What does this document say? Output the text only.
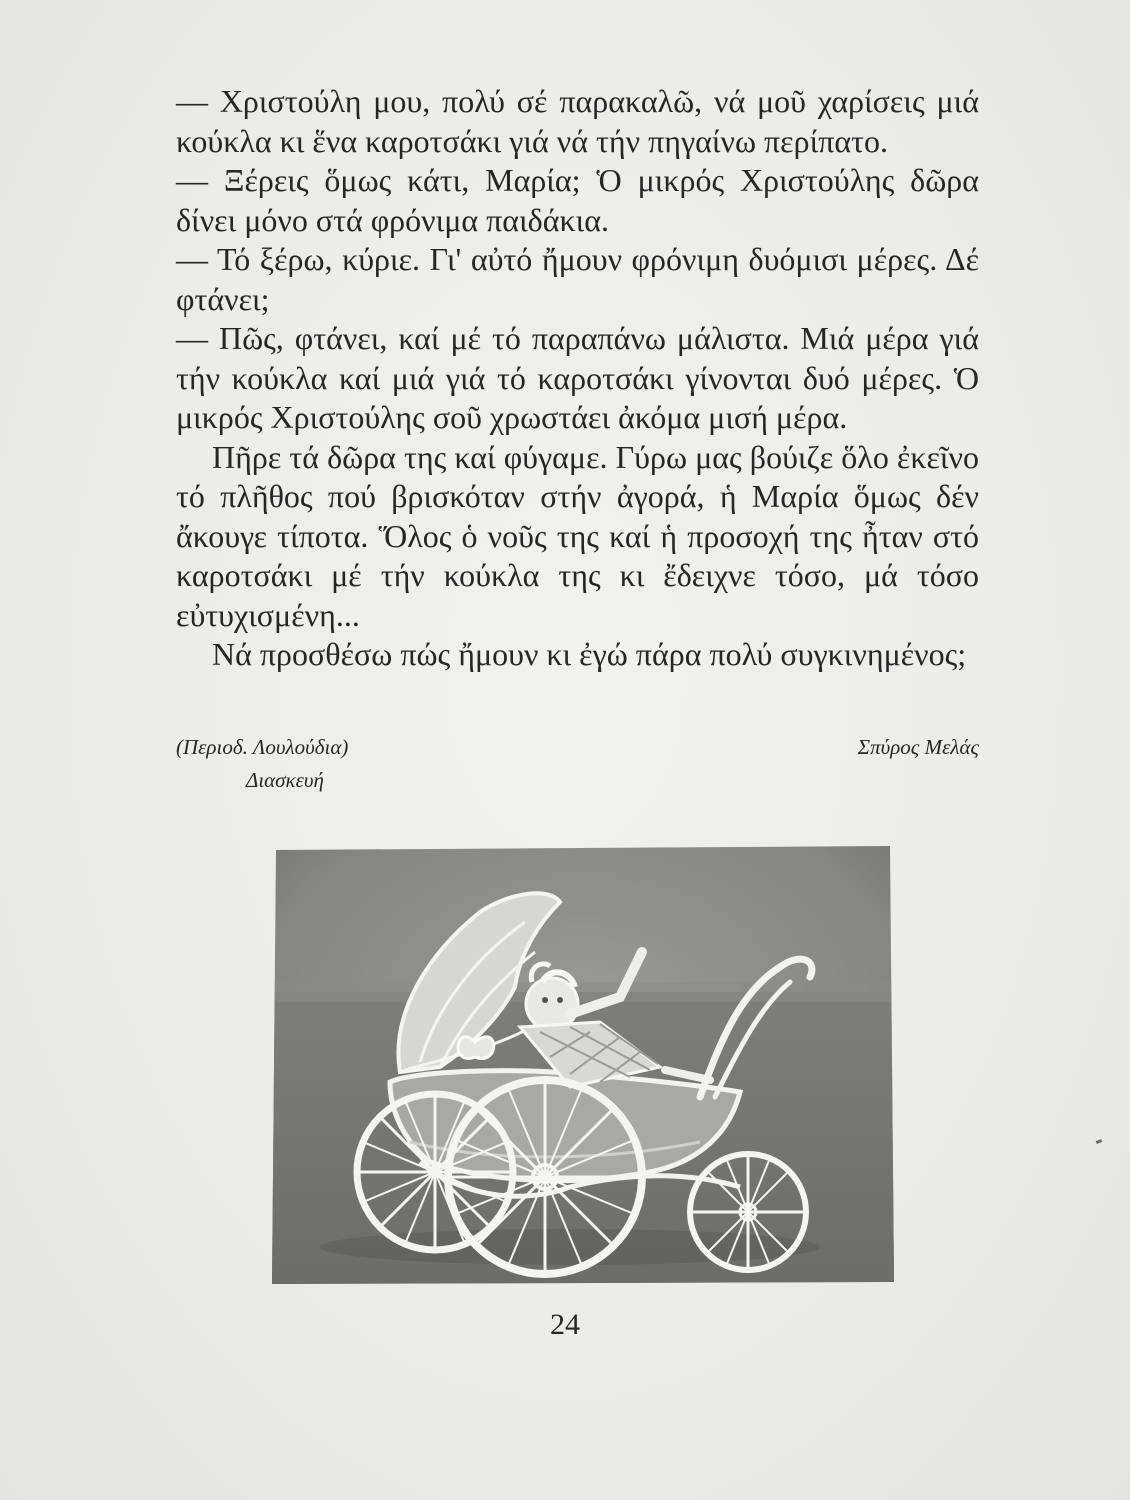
— Χριστούλη μου, πολύ σέ παρακαλῶ, νά μοῦ χαρίσεις μιά κούκλα κι ἕνα καροτσάκι γιά νά τήν πηγαίνω περίπατο.

— Ξέρεις ὅμως κάτι, Μαρία; Ὁ μικρός Χριστούλης δῶρα δίνει μόνο στά φρόνιμα παιδάκια.

— Τό ξέρω, κύριε. Γι' αὐτό ἤμουν φρόνιμη δυόμισι μέρες. Δέ φτάνει;

— Πῶς, φτάνει, καί μέ τό παραπάνω μάλιστα. Μιά μέρα γιά τήν κούκλα καί μιά γιά τό καροτσάκι γίνονται δυό μέρες. Ὁ μικρός Χριστούλης σοῦ χρωστάει ἀκόμα μισή μέρα.

Πῆρε τά δῶρα της καί φύγαμε. Γύρω μας βούιζε ὅλο ἐκεῖνο τό πλῆθος πού βρισκόταν στήν ἀγορά, ἡ Μαρία ὅμως δέν ἄκουγε τίποτα. Ὅλος ὁ νοῦς της καί ἡ προσοχή της ἦταν στό καροτσάκι μέ τήν κούκλα της κι ἔδειχνε τόσο, μά τόσο εὐτυχισμένη...

Νά προσθέσω πώς ἤμουν κι ἐγώ πάρα πολύ συγκινημένος;

(Περιοδ. Λουλούδια)
Διασκευή
Σπύρος Μελάς
24
